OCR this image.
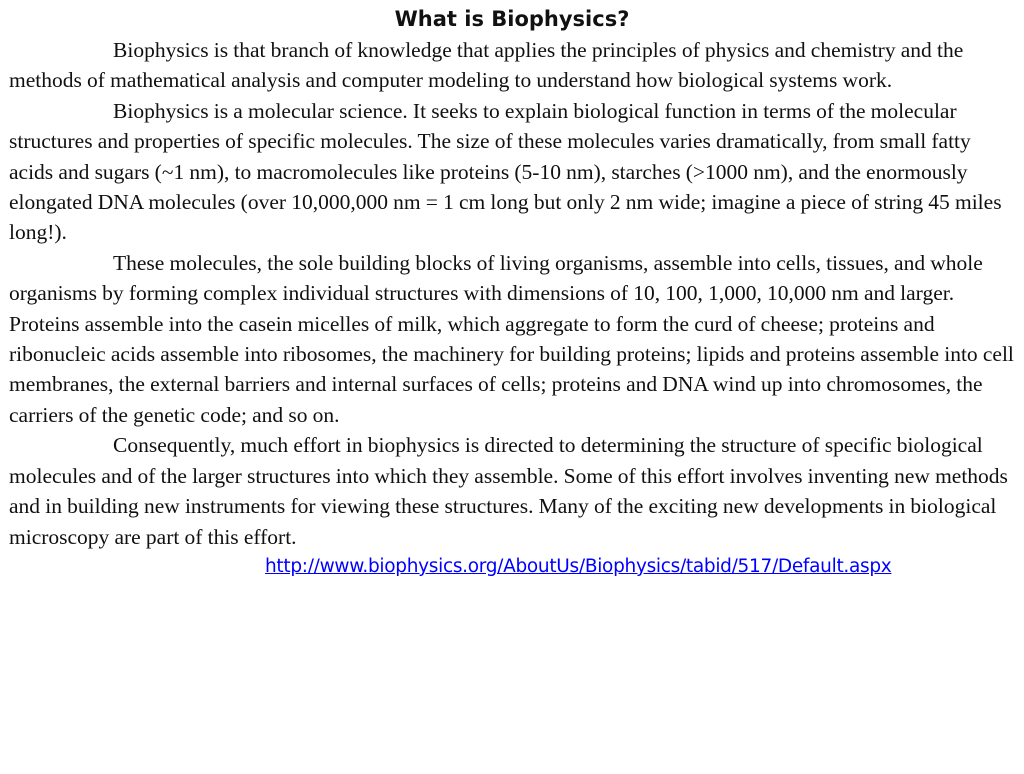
What is Biophysics?

Biophysics is that branch of knowledge that applies the principles of physics and chemistry and the methods of mathematical analysis and computer modeling to understand how biological systems work.

Biophysics is a molecular science. It seeks to explain biological function in terms of the molecular structures and properties of specific molecules. The size of these molecules varies dramatically, from small fatty acids and sugars (~1 nm), to macromolecules like proteins (5-10 nm), starches (>1000 nm), and the enormously elongated DNA molecules (over 10,000,000 nm = 1 cm long but only 2 nm wide; imagine a piece of string 45 miles long!).

These molecules, the sole building blocks of living organisms, assemble into cells, tissues, and whole organisms by forming complex individual structures with dimensions of 10, 100, 1,000, 10,000 nm and larger. Proteins assemble into the casein micelles of milk, which aggregate to form the curd of cheese; proteins and ribonucleic acids assemble into ribosomes, the machinery for building proteins; lipids and proteins assemble into cell membranes, the external barriers and internal surfaces of cells; proteins and DNA wind up into chromosomes, the carriers of the genetic code; and so on.

Consequently, much effort in biophysics is directed to determining the structure of specific biological molecules and of the larger structures into which they assemble. Some of this effort involves inventing new methods and in building new instruments for viewing these structures. Many of the exciting new developments in biological microscopy are part of this effort.

http://www.biophysics.org/AboutUs/Biophysics/tabid/517/Default.aspx
